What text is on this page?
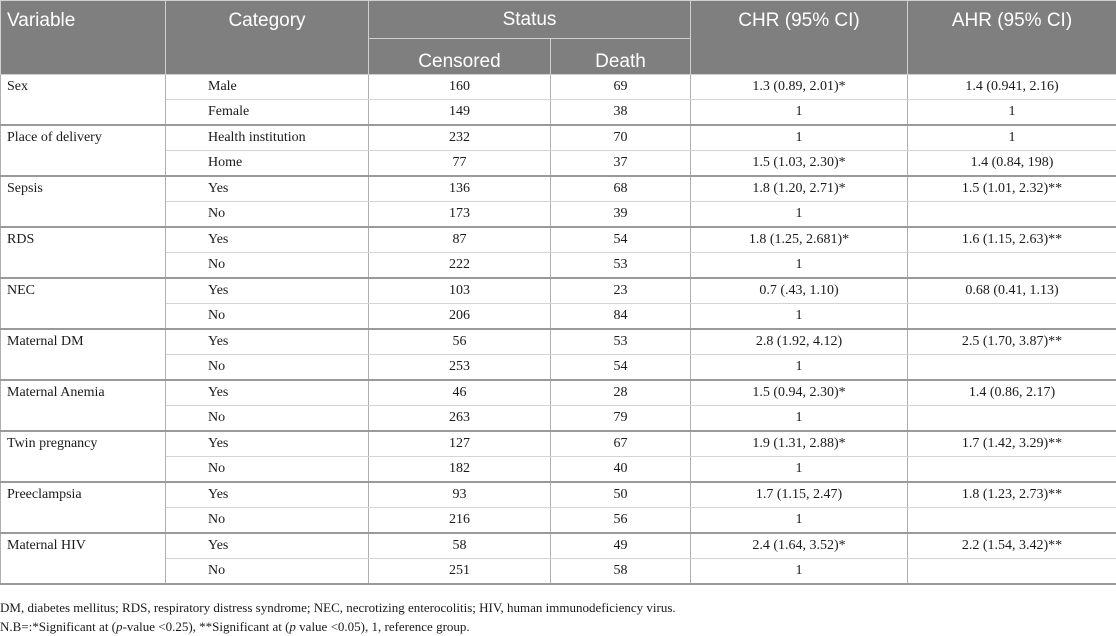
Variable	Category	Status		CHR (95% CI)	AHR (95% CI)
		Censored	Death		
Sex	Male	160	69	1.3 (0.89, 2.01)*	1.4 (0.941, 2.16)
	Female	149	38	1	1
Place of delivery	Health institution	232	70	1	1
	Home	77	37	1.5 (1.03, 2.30)*	1.4 (0.84, 198)
Sepsis	Yes	136	68	1.8 (1.20, 2.71)*	1.5 (1.01, 2.32)**
	No	173	39	1	
RDS	Yes	87	54	1.8 (1.25, 2.681)*	1.6 (1.15, 2.63)**
	No	222	53	1	
NEC	Yes	103	23	0.7 (.43, 1.10)	0.68 (0.41, 1.13)
	No	206	84	1	
Maternal DM	Yes	56	53	2.8 (1.92, 4.12)	2.5 (1.70, 3.87)**
	No	253	54	1	
Maternal Anemia	Yes	46	28	1.5 (0.94, 2.30)*	1.4 (0.86, 2.17)
	No	263	79	1	
Twin pregnancy	Yes	127	67	1.9 (1.31, 2.88)*	1.7 (1.42, 3.29)**
	No	182	40	1	
Preeclampsia	Yes	93	50	1.7 (1.15, 2.47)	1.8 (1.23, 2.73)**
	No	216	56	1	
Maternal HIV	Yes	58	49	2.4 (1.64, 3.52)*	2.2 (1.54, 3.42)**
	No	251	58	1	

DM, diabetes mellitus; RDS, respiratory distress syndrome; NEC, necrotizing enterocolitis; HIV, human immunodeficiency virus.

N.B=:*Significant at (p-value <0.25), **Significant at (p value <0.05), 1, reference group.
